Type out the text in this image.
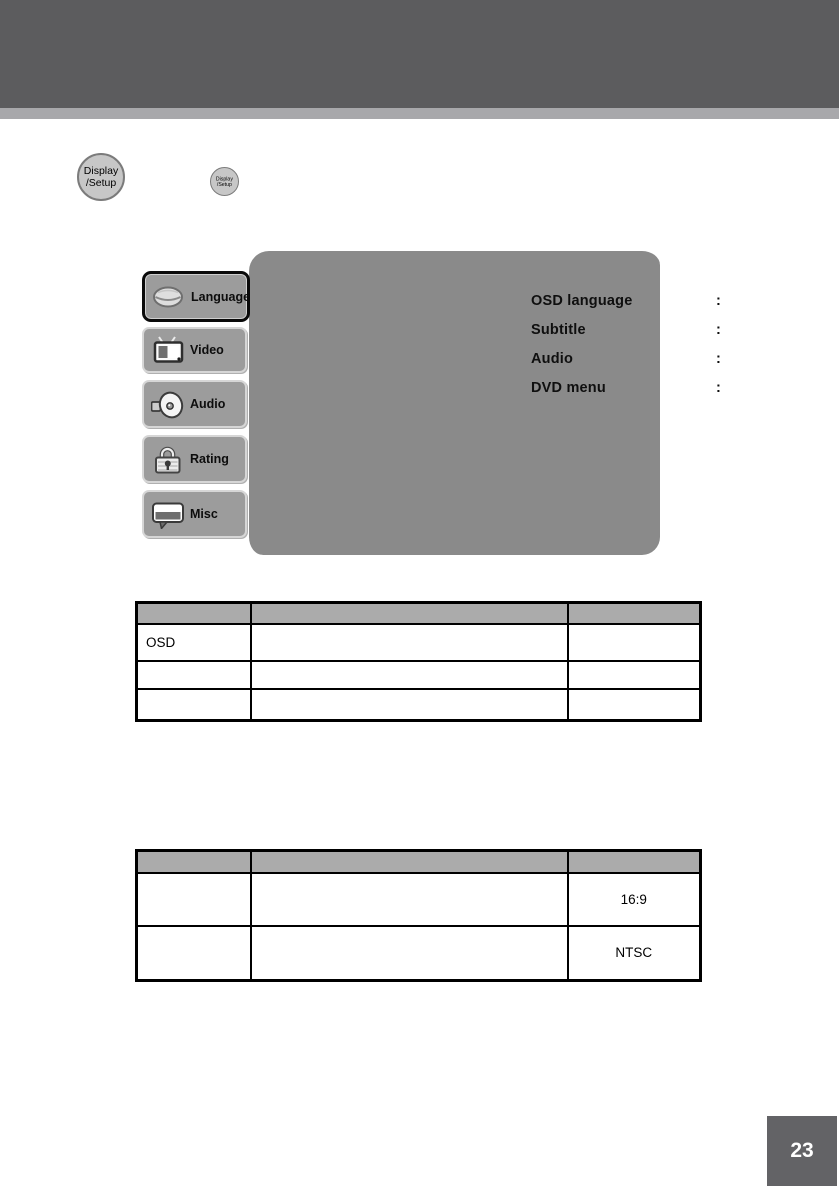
Display
/Setup	Display
/Setup
OSD language	:
Subtitle	:
Audio	:
DVD menu	:
Language
Video
Audio
Rating
Misc

OSD		

		16:9
		NTSC
23
